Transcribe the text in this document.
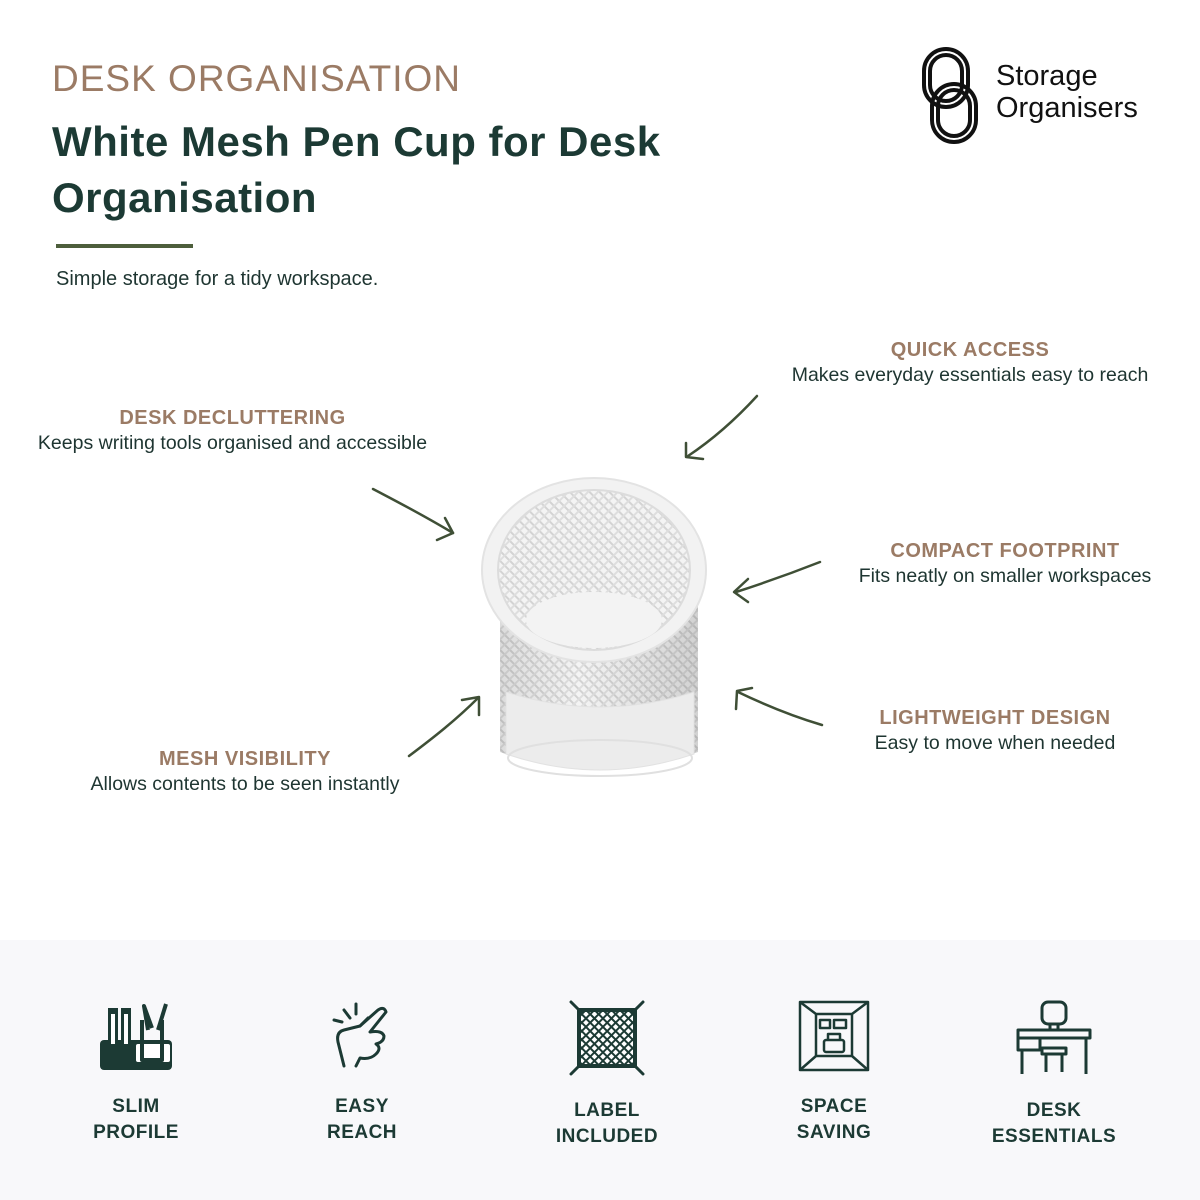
DESK ORGANISATION
White Mesh Pen Cup for Desk Organisation
Simple storage for a tidy workspace.
Storage
Organisers
QUICK ACCESS
Makes everyday essentials easy to reach
DESK DECLUTTERING
Keeps writing tools organised and accessible
COMPACT FOOTPRINT
Fits neatly on smaller workspaces
LIGHTWEIGHT DESIGN
Easy to move when needed
MESH VISIBILITY
Allows contents to be seen instantly
SLIM
PROFILE
EASY
REACH
LABEL
INCLUDED
SPACE
SAVING
DESK
ESSENTIALS
